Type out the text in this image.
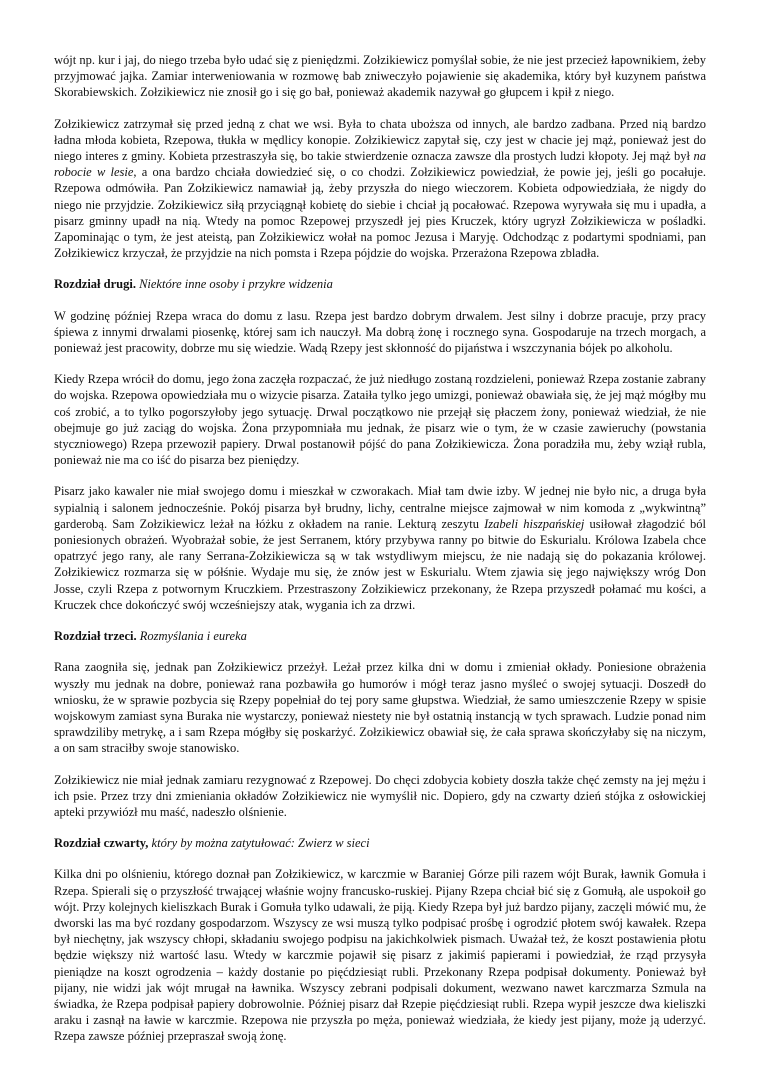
wójt np. kur i jaj, do niego trzeba było udać się z pieniędzmi. Zołzikiewicz pomyślał sobie, że nie jest przecież łapownikiem, żeby przyjmować jajka. Zamiar interweniowania w rozmowę bab zniweczyło pojawienie się akademika, który był kuzynem państwa Skorabiewskich. Zołzikiewicz nie znosił go i się go bał, ponieważ akademik nazywał go głupcem i kpił z niego.

Zołzikiewicz zatrzymał się przed jedną z chat we wsi. Była to chata uboższa od innych, ale bardzo zadbana. Przed nią bardzo ładna młoda kobieta, Rzepowa, tłukła w mędlicy konopie. Zołzikiewicz zapytał się, czy jest w chacie jej mąż, ponieważ jest do niego interes z gminy. Kobieta przestraszyła się, bo takie stwierdzenie oznacza zawsze dla prostych ludzi kłopoty. Jej mąż był na robocie w lesie, a ona bardzo chciała dowiedzieć się, o co chodzi. Zołzikiewicz powiedział, że powie jej, jeśli go pocałuje. Rzepowa odmówiła. Pan Zołzikiewicz namawiał ją, żeby przyszła do niego wieczorem. Kobieta odpowiedziała, że nigdy do niego nie przyjdzie. Zołzikiewicz siłą przyciągnął kobietę do siebie i chciał ją pocałować. Rzepowa wyrywała się mu i upadła, a pisarz gminny upadł na nią. Wtedy na pomoc Rzepowej przyszedł jej pies Kruczek, który ugryzł Zołzikiewicza w pośladki. Zapominając o tym, że jest ateistą, pan Zołzikiewicz wołał na pomoc Jezusa i Maryję. Odchodząc z podartymi spodniami, pan Zołzikiewicz krzyczał, że przyjdzie na nich pomsta i Rzepa pójdzie do wojska. Przerażona Rzepowa zbladła.

Rozdział drugi. Niektóre inne osoby i przykre widzenia

W godzinę później Rzepa wraca do domu z lasu. Rzepa jest bardzo dobrym drwalem. Jest silny i dobrze pracuje, przy pracy śpiewa z innymi drwalami piosenkę, której sam ich nauczył. Ma dobrą żonę i rocznego syna. Gospodaruje na trzech morgach, a ponieważ jest pracowity, dobrze mu się wiedzie. Wadą Rzepy jest skłonność do pijaństwa i wszczynania bójek po alkoholu.

Kiedy Rzepa wrócił do domu, jego żona zaczęła rozpaczać, że już niedługo zostaną rozdzieleni, ponieważ Rzepa zostanie zabrany do wojska. Rzepowa opowiedziała mu o wizycie pisarza. Zataiła tylko jego umizgi, ponieważ obawiała się, że jej mąż mógłby mu coś zrobić, a to tylko pogorszyłoby jego sytuację. Drwal początkowo nie przejął się płaczem żony, ponieważ wiedział, że nie obejmuje go już zaciąg do wojska. Żona przypomniała mu jednak, że pisarz wie o tym, że w czasie zawieruchy (powstania styczniowego) Rzepa przewoził papiery. Drwal postanowił pójść do pana Zołzikiewicza. Żona poradziła mu, żeby wziął rubla, ponieważ nie ma co iść do pisarza bez pieniędzy.

Pisarz jako kawaler nie miał swojego domu i mieszkał w czworakach. Miał tam dwie izby. W jednej nie było nic, a druga była sypialnią i salonem jednocześnie. Pokój pisarza był brudny, lichy, centralne miejsce zajmował w nim komoda z „wykwintną” garderobą. Sam Zołzikiewicz leżał na łóżku z okładem na ranie. Lekturą zeszytu Izabeli hiszpańskiej usiłował złagodzić ból poniesionych obrażeń. Wyobrażał sobie, że jest Serranem, który przybywa ranny po bitwie do Eskurialu. Królowa Izabela chce opatrzyć jego rany, ale rany Serrana-Zołzikiewicza są w tak wstydliwym miejscu, że nie nadają się do pokazania królowej. Zołzikiewicz rozmarza się w półśnie. Wydaje mu się, że znów jest w Eskurialu. Wtem zjawia się jego największy wróg Don Josse, czyli Rzepa z potwornym Kruczkiem. Przestraszony Zołzikiewicz przekonany, że Rzepa przyszedł połamać mu kości, a Kruczek chce dokończyć swój wcześniejszy atak, wygania ich za drzwi.

Rozdział trzeci. Rozmyślania i eureka

Rana zaogniła się, jednak pan Zołzikiewicz przeżył. Leżał przez kilka dni w domu i zmieniał okłady. Poniesione obrażenia wyszły mu jednak na dobre, ponieważ rana pozbawiła go humorów i mógł teraz jasno myśleć o swojej sytuacji. Doszedł do wniosku, że w sprawie pozbycia się Rzepy popełniał do tej pory same głupstwa. Wiedział, że samo umieszczenie Rzepy w spisie wojskowym zamiast syna Buraka nie wystarczy, ponieważ niestety nie był ostatnią instancją w tych sprawach. Ludzie ponad nim sprawdziliby metrykę, a i sam Rzepa mógłby się poskarżyć. Zołzikiewicz obawiał się, że cała sprawa skończyłaby się na niczym, a on sam straciłby swoje stanowisko.

Zołzikiewicz nie miał jednak zamiaru rezygnować z Rzepowej. Do chęci zdobycia kobiety doszła także chęć zemsty na jej mężu i ich psie. Przez trzy dni zmieniania okładów Zołzikiewicz nie wymyślił nic. Dopiero, gdy na czwarty dzień stójka z osłowickiej apteki przywiózł mu maść, nadeszło olśnienie.

Rozdział czwarty, który by można zatytułować: Zwierz w sieci

Kilka dni po olśnieniu, którego doznał pan Zołzikiewicz, w karczmie w Baraniej Górze pili razem wójt Burak, ławnik Gomuła i Rzepa. Spierali się o przyszłość trwającej właśnie wojny francusko-ruskiej. Pijany Rzepa chciał bić się z Gomułą, ale uspokoił go wójt. Przy kolejnych kieliszkach Burak i Gomuła tylko udawali, że piją. Kiedy Rzepa był już bardzo pijany, zaczęli mówić mu, że dworski las ma być rozdany gospodarzom. Wszyscy ze wsi muszą tylko podpisać prośbę i ogrodzić płotem swój kawałek. Rzepa był niechętny, jak wszyscy chłopi, składaniu swojego podpisu na jakichkolwiek pismach. Uważał też, że koszt postawienia płotu będzie większy niż wartość lasu. Wtedy w karczmie pojawił się pisarz z jakimiś papierami i powiedział, że rząd przysyła pieniądze na koszt ogrodzenia – każdy dostanie po pięćdziesiąt rubli. Przekonany Rzepa podpisał dokumenty. Ponieważ był pijany, nie widzi jak wójt mrugał na ławnika. Wszyscy zebrani podpisali dokument, wezwano nawet karczmarza Szmula na świadka, że Rzepa podpisał papiery dobrowolnie. Później pisarz dał Rzepie pięćdziesiąt rubli. Rzepa wypił jeszcze dwa kieliszki araku i zasnął na ławie w karczmie. Rzepowa nie przyszła po męża, ponieważ wiedziała, że kiedy jest pijany, może ją uderzyć. Rzepa zawsze później przepraszał swoją żonę.
